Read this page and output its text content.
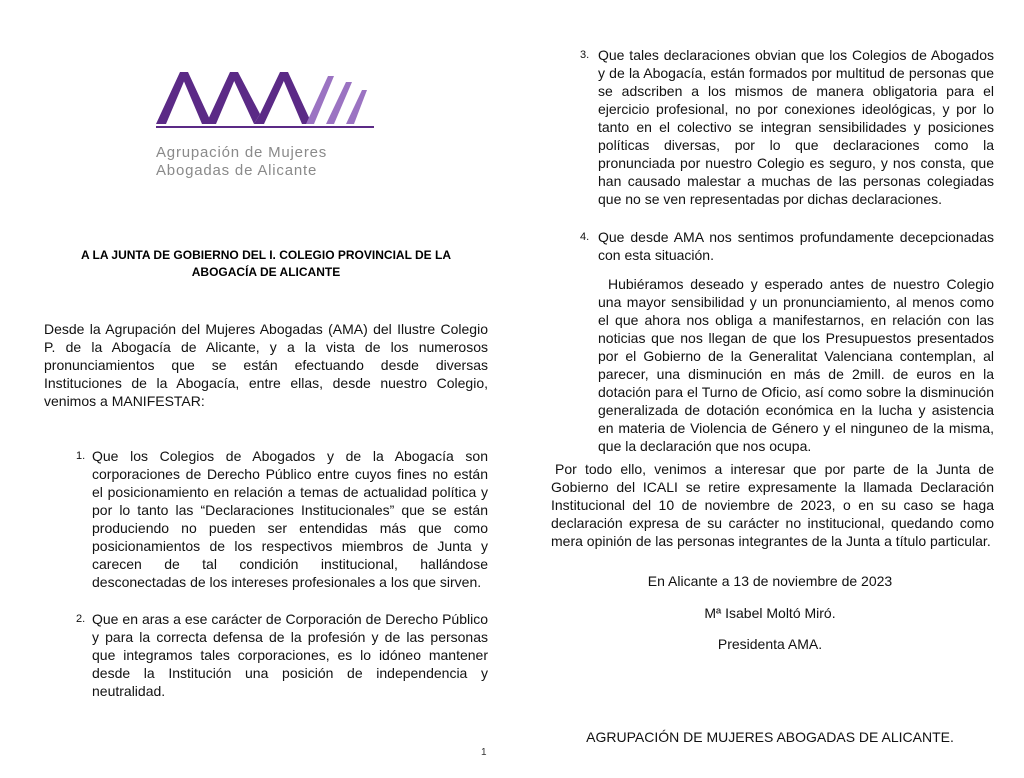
Agrupación de Mujeres
Abogadas de Alicante
A LA JUNTA DE GOBIERNO DEL I. COLEGIO PROVINCIAL DE LA
ABOGACÍA DE ALICANTE
Desde la Agrupación del Mujeres Abogadas (AMA) del Ilustre Colegio P. de la Abogacía de Alicante, y a la vista de los numerosos pronunciamientos que se están efectuando desde diversas Instituciones de la Abogacía, entre ellas, desde nuestro Colegio, venimos a MANIFESTAR:
1. Que los Colegios de Abogados y de la Abogacía son corporaciones de Derecho Público entre cuyos fines no están el posicionamiento en relación a temas de actualidad política y por lo tanto las “Declaraciones Institucionales” que se están produciendo no pueden ser entendidas más que como posicionamientos de los respectivos miembros de Junta y carecen de tal condición institucional, hallándose desconectadas de los intereses profesionales a los que sirven.
2. Que en aras a ese carácter de Corporación de Derecho Público y para la correcta defensa de la profesión y de las personas que integramos tales corporaciones, es lo idóneo mantener desde la Institución una posición de independencia y neutralidad.
3. Que tales declaraciones obvian que los Colegios de Abogados y de la Abogacía, están formados por multitud de personas que se adscriben a los mismos de manera obligatoria para el ejercicio profesional, no por conexiones ideológicas, y por lo tanto en el colectivo se integran sensibilidades y posiciones políticas diversas, por lo que declaraciones como la pronunciada por nuestro Colegio es seguro, y nos consta, que han causado malestar a muchas de las personas colegiadas que no se ven representadas por dichas declaraciones.
4. Que desde AMA nos sentimos profundamente decepcionadas con esta situación.
Hubiéramos deseado y esperado antes de nuestro Colegio una mayor sensibilidad y un pronunciamiento, al menos como el que ahora nos obliga a manifestarnos, en relación con las noticias que nos llegan de que los Presupuestos presentados por el Gobierno de la Generalitat Valenciana contemplan, al parecer, una disminución en más de 2mill. de euros en la dotación para el Turno de Oficio, así como sobre la disminución generalizada de dotación económica en la lucha y asistencia en materia de Violencia de Género y el ninguneo de la misma, que la declaración que nos ocupa.
Por todo ello, venimos a interesar que por parte de la Junta de Gobierno del ICALI se retire expresamente la llamada Declaración Institucional del 10 de noviembre de 2023, o en su caso se haga declaración expresa de su carácter no institucional, quedando como mera opinión de las personas integrantes de la Junta a título particular.
En Alicante a 13 de noviembre de 2023
Mª Isabel Moltó Miró.
Presidenta AMA.
AGRUPACIÓN DE MUJERES ABOGADAS DE ALICANTE.
1
